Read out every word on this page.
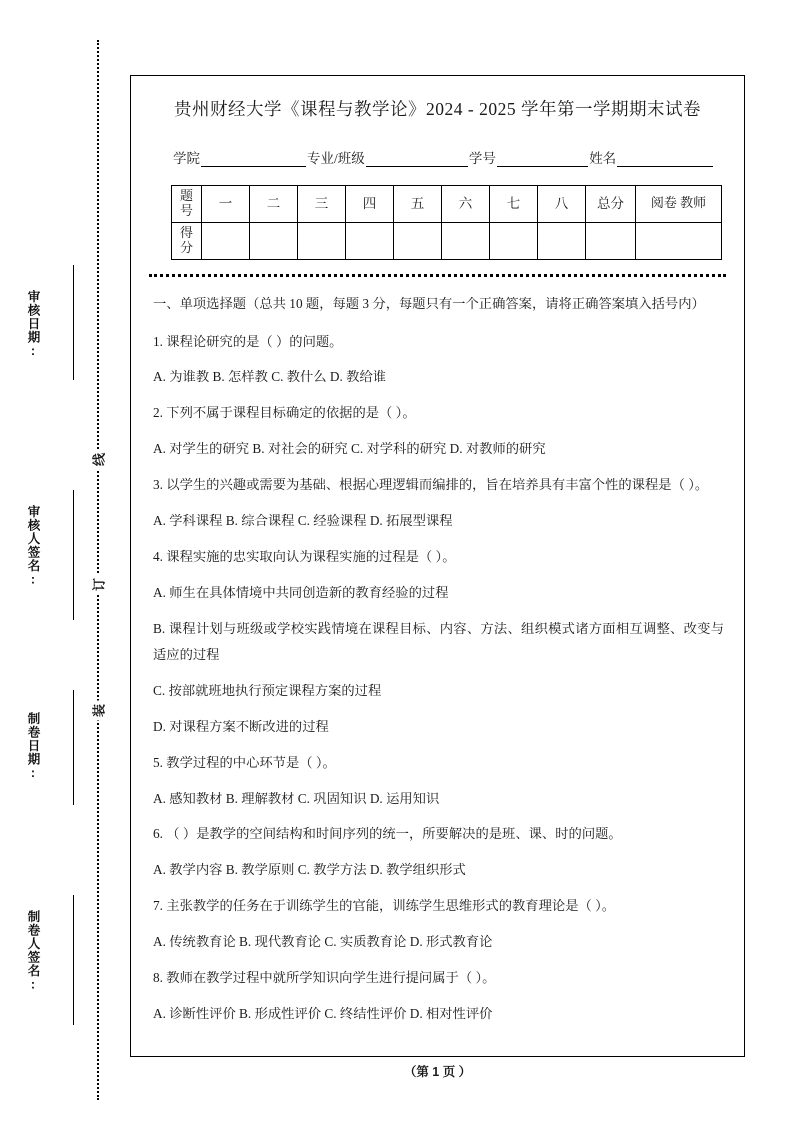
审核日期:
审核人签名:
制卷日期:
制卷人签名:
线
订
装
贵州财经大学《课程与教学论》2024 - 2025 学年第一学期期末试卷
学院	专业/班级	学号	姓名
题 号	一	二	三	四	五	六	七	八	总分	阅卷 教师
得 分										
一、单项选择题（总共 10 题，每题 3 分，每题只有一个正确答案，请将正确答案填入括号内）
1. 课程论研究的是（ ）的问题。
A. 为谁教 B. 怎样教 C. 教什么 D. 教给谁
2. 下列不属于课程目标确定的依据的是（ ）。
A. 对学生的研究 B. 对社会的研究 C. 对学科的研究 D. 对教师的研究
3. 以学生的兴趣或需要为基础、根据心理逻辑而编排的，旨在培养具有丰富个性的课程是（ ）。
A. 学科课程 B. 综合课程 C. 经验课程 D. 拓展型课程
4. 课程实施的忠实取向认为课程实施的过程是（ ）。
A. 师生在具体情境中共同创造新的教育经验的过程
B. 课程计划与班级或学校实践情境在课程目标、内容、方法、组织模式诸方面相互调整、改变与适应的过程
C. 按部就班地执行预定课程方案的过程
D. 对课程方案不断改进的过程
5. 教学过程的中心环节是（ ）。
A. 感知教材 B. 理解教材 C. 巩固知识 D. 运用知识
6. （ ）是教学的空间结构和时间序列的统一，所要解决的是班、课、时的问题。
A. 教学内容 B. 教学原则 C. 教学方法 D. 教学组织形式
7. 主张教学的任务在于训练学生的官能，训练学生思维形式的教育理论是（ ）。
A. 传统教育论 B. 现代教育论 C. 实质教育论 D. 形式教育论
8. 教师在教学过程中就所学知识向学生进行提问属于（ ）。
A. 诊断性评价 B. 形成性评价 C. 终结性评价 D. 相对性评价
（第 1 页 ）
